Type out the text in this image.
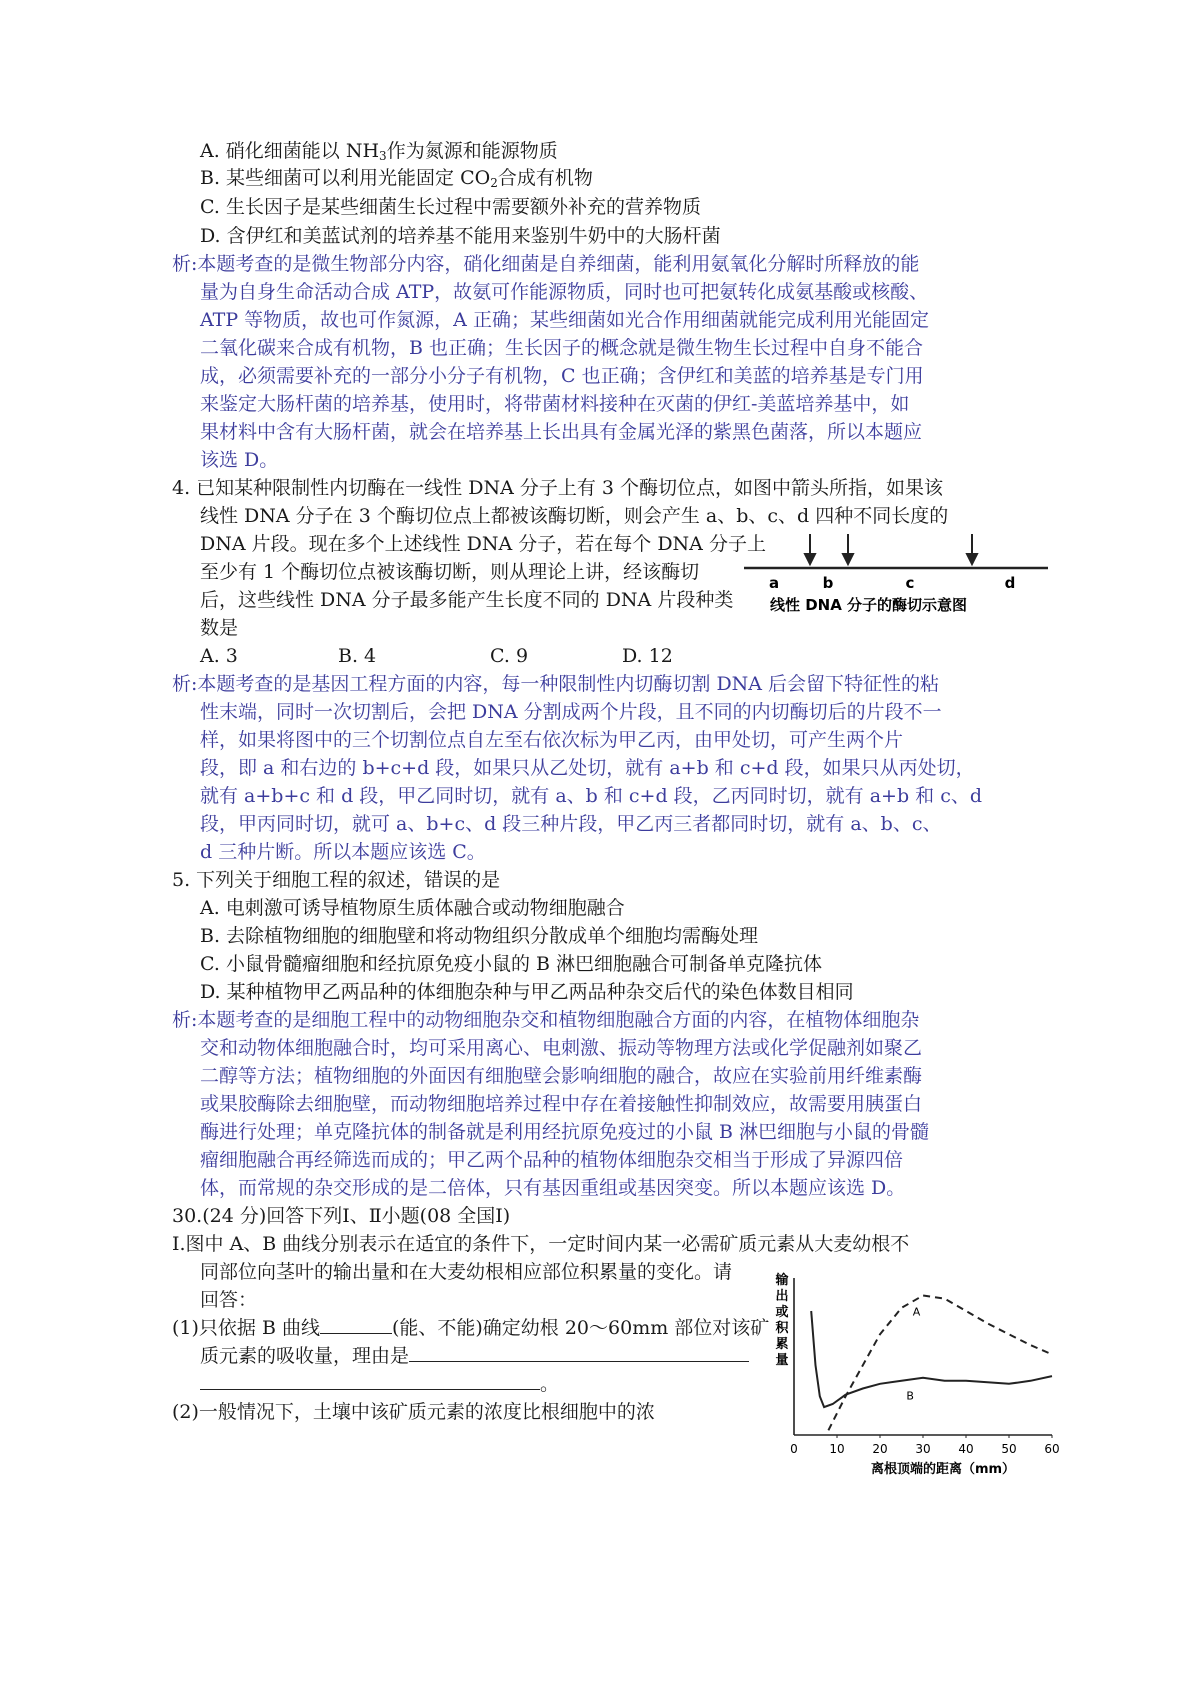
A. 硝化细菌能以 $NH_3$作为氮源和能源物质
B. 某些细菌可以利用光能固定 $CO_2$合成有机物
C. 生长因子是某些细菌生长过程中需要额外补充的营养物质
D. 含伊红和美蓝试剂的培养基不能用来鉴别牛奶中的大肠杆菌
析:本题考查的是微生物部分内容，硝化细菌是自养细菌，能利用氨氧化分解时所释放的能
量为自身生命活动合成 ATP，故氨可作能源物质，同时也可把氨转化成氨基酸或核酸、
ATP 等物质，故也可作氮源，A 正确；某些细菌如光合作用细菌就能完成利用光能固定
二氧化碳来合成有机物，B 也正确；生长因子的概念就是微生物生长过程中自身不能合
成，必须需要补充的一部分小分子有机物，C 也正确；含伊红和美蓝的培养基是专门用
来鉴定大肠杆菌的培养基，使用时，将带菌材料接种在灭菌的伊红-美蓝培养基中，如
果材料中含有大肠杆菌，就会在培养基上长出具有金属光泽的紫黑色菌落，所以本题应
该选 D。
4. 已知某种限制性内切酶在一线性 DNA 分子上有 3 个酶切位点，如图中箭头所指，如果该
线性 DNA 分子在 3 个酶切位点上都被该酶切断，则会产生 a、b、c、d 四种不同长度的
DNA 片段。现在多个上述线性 DNA 分子，若在每个 DNA 分子上
至少有 1 个酶切位点被该酶切断，则从理论上讲，经该酶切
后，这些线性 DNA 分子最多能产生长度不同的 DNA 片段种类
数是
A. 3	B. 4	C. 9	D. 12
a	b	c	d
线性 DNA 分子的酶切示意图
析:本题考查的是基因工程方面的内容，每一种限制性内切酶切割 DNA 后会留下特征性的粘
性末端，同时一次切割后，会把 DNA 分割成两个片段，且不同的内切酶切后的片段不一
样，如果将图中的三个切割位点自左至右依次标为甲乙丙，由甲处切，可产生两个片
段，即 a 和右边的 b+c+d 段，如果只从乙处切，就有 a+b 和 c+d 段，如果只从丙处切，
就有 a+b+c 和 d 段，甲乙同时切，就有 a、b 和 c+d 段，乙丙同时切，就有 a+b 和 c、d
段，甲丙同时切，就可 a、b+c、d 段三种片段，甲乙丙三者都同时切，就有 a、b、c、
d 三种片断。所以本题应该选 C。
5. 下列关于细胞工程的叙述，错误的是
A. 电刺激可诱导植物原生质体融合或动物细胞融合
B. 去除植物细胞的细胞壁和将动物组织分散成单个细胞均需酶处理
C. 小鼠骨髓瘤细胞和经抗原免疫小鼠的 B 淋巴细胞融合可制备单克隆抗体
D. 某种植物甲乙两品种的体细胞杂种与甲乙两品种杂交后代的染色体数目相同
析:本题考查的是细胞工程中的动物细胞杂交和植物细胞融合方面的内容，在植物体细胞杂
交和动物体细胞融合时，均可采用离心、电刺激、振动等物理方法或化学促融剂如聚乙
二醇等方法；植物细胞的外面因有细胞壁会影响细胞的融合，故应在实验前用纤维素酶
或果胶酶除去细胞壁，而动物细胞培养过程中存在着接触性抑制效应，故需要用胰蛋白
酶进行处理；单克隆抗体的制备就是利用经抗原免疫过的小鼠 B 淋巴细胞与小鼠的骨髓
瘤细胞融合再经筛选而成的；甲乙两个品种的植物体细胞杂交相当于形成了异源四倍
体，而常规的杂交形成的是二倍体，只有基因重组或基因突变。所以本题应该选 D。
30.(24 分)回答下列Ⅰ、Ⅱ小题(08 全国Ⅰ)
Ⅰ.图中 A、B 曲线分别表示在适宜的条件下，一定时间内某一必需矿质元素从大麦幼根不
同部位向茎叶的输出量和在大麦幼根相应部位积累量的变化。请
回答：
(1)只依据 B 曲线	(能、不能)确定幼根 20～60mm 部位对该矿
质元素的吸收量，理由是
。
(2)一般情况下，土壤中该矿质元素的浓度比根细胞中的浓
输
出
或
积
累
量
0	10 20 30 40 50 60
离根顶端的距离（mm）
A
B
